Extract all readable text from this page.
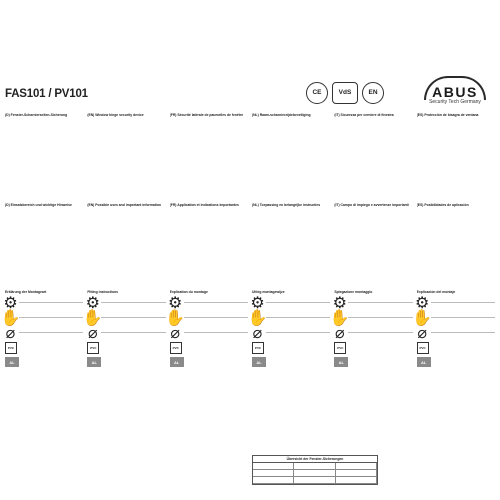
FAS101 / PV101	CE	VdS	EN	ABUS
Security Tech Germany
(D) Fenster-Scharnierseiten-Sicherung
(D) Einsatzbereich und wichtige Hinweise
(EN) Window hinge security device
(EN) Possible uses and important information
(FR) Sécurité latérale de paumelles de fenêtre
(FR) Application et indications importantes
(NL) Raam-scharnierzijdebeveiliging
(NL) Toepassing en belangrijke instructies
(IT) Sicurezza per cerniere di finestra
(IT) Campo di impiego e avvertenze importanti
(ES) Protección de bisagra de ventana
(ES) Posibilidades de aplicación
Erklärung der Montageart
⚙
✋
⌀
PVC
AL
Fitting instructions
⚙
✋
⌀
PVC
AL
Explication du montage
⚙
✋
⌀
PVC
AL
Uitleg montagewijze
⚙
✋
⌀
PVC
AL
Spiegazione montaggio
⚙
✋
⌀
PVC
AL
Explicación del montaje
⚙
✋
⌀
PVC
AL
Übersicht der Fenster-Sicherungen
